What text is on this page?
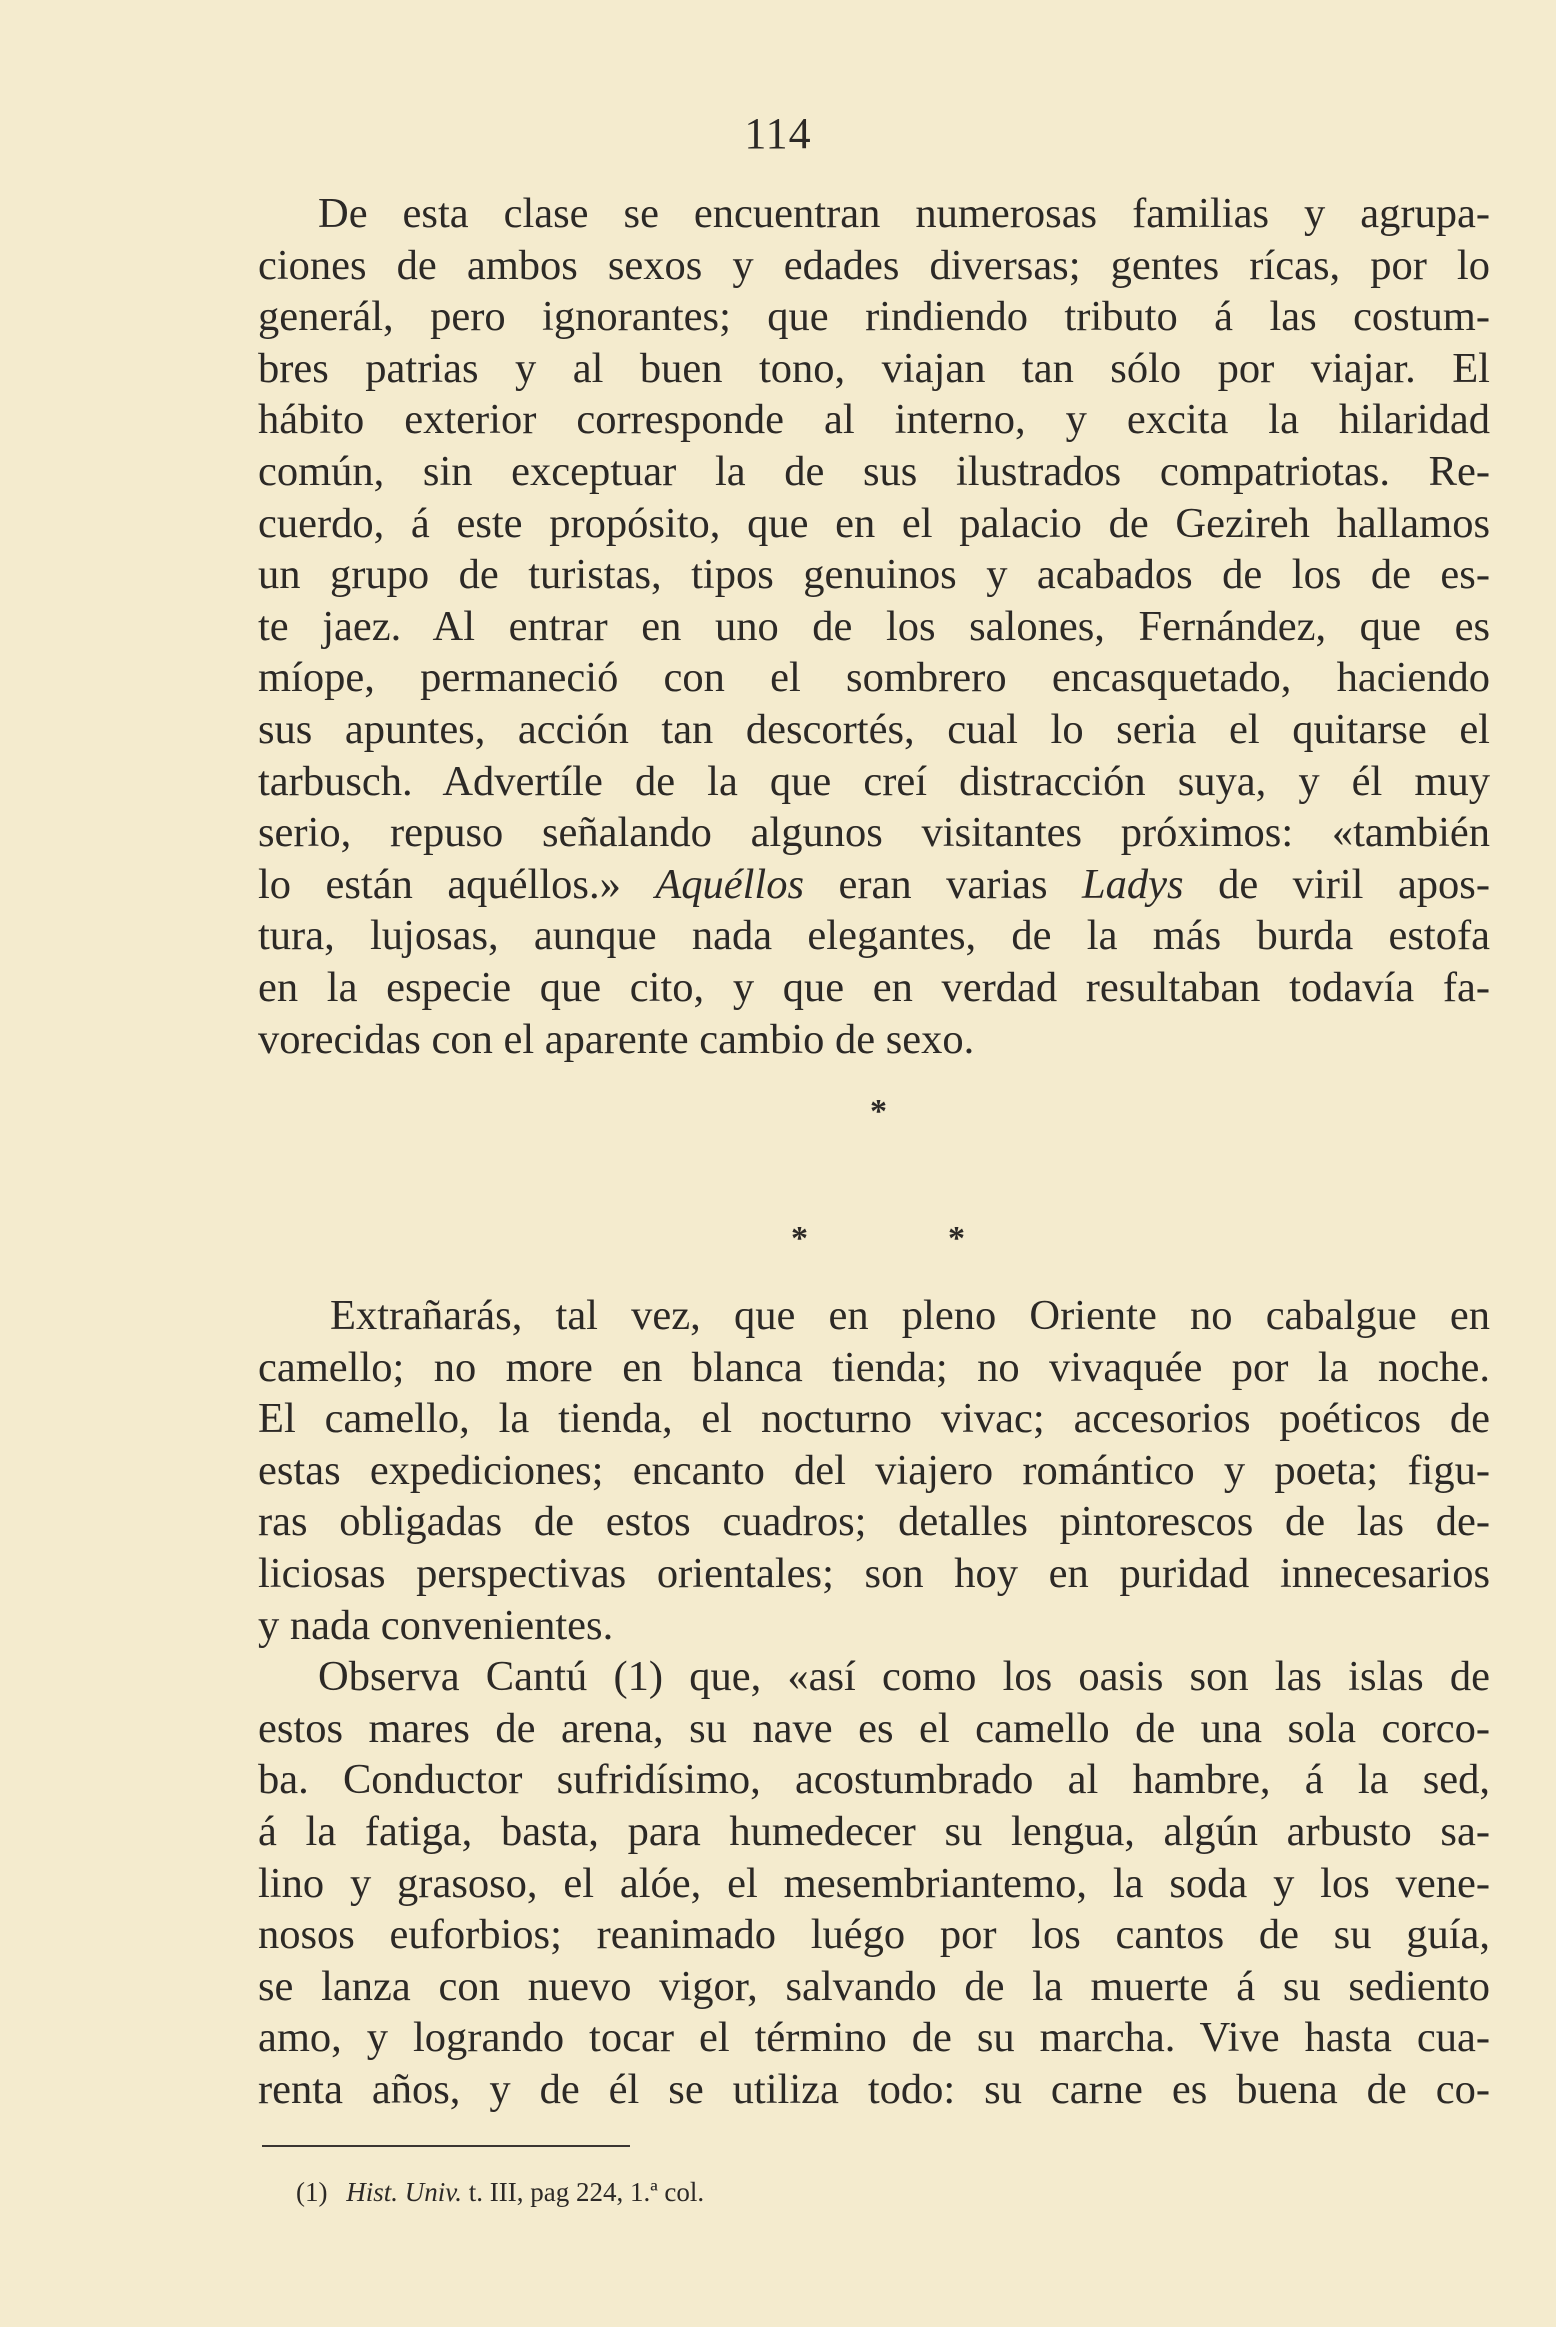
114
De esta clase se encuentran numerosas familias y agrupa-
ciones de ambos sexos y edades diversas; gentes rícas, por lo
generál, pero ignorantes; que rindiendo tributo á las costum-
bres patrias y al buen tono, viajan tan sólo por viajar. El
hábito exterior corresponde al interno, y excita la hilaridad
común, sin exceptuar la de sus ilustrados compatriotas. Re-
cuerdo, á este propósito, que en el palacio de Gezireh hallamos
un grupo de turistas, tipos genuinos y acabados de los de es-
te jaez. Al entrar en uno de los salones, Fernández, que es
míope, permaneció con el sombrero encasquetado, haciendo
sus apuntes, acción tan descortés, cual lo seria el quitarse el
tarbusch. Advertíle de la que creí distracción suya, y él muy
serio, repuso señalando algunos visitantes próximos: «también
lo están aquéllos.» Aquéllos eran varias Ladys de viril apos-
tura, lujosas, aunque nada elegantes, de la más burda estofa
en la especie que cito, y que en verdad resultaban todavía fa-
vorecidas con el aparente cambio de sexo.
*
*	*
Extrañarás, tal vez, que en pleno Oriente no cabalgue en
camello; no more en blanca tienda; no vivaquée por la noche.
El camello, la tienda, el nocturno vivac; accesorios poéticos de
estas expediciones; encanto del viajero romántico y poeta; figu-
ras obligadas de estos cuadros; detalles pintorescos de las de-
liciosas perspectivas orientales; son hoy en puridad innecesarios
y nada convenientes.
Observa Cantú (1) que, «así como los oasis son las islas de
estos mares de arena, su nave es el camello de una sola corco-
ba. Conductor sufridísimo, acostumbrado al hambre, á la sed,
á la fatiga, basta, para humedecer su lengua, algún arbusto sa-
lino y grasoso, el alóe, el mesembriantemo, la soda y los vene-
nosos euforbios; reanimado luégo por los cantos de su guía,
se lanza con nuevo vigor, salvando de la muerte á su sediento
amo, y logrando tocar el término de su marcha. Vive hasta cua-
renta años, y de él se utiliza todo: su carne es buena de co-
(1) Hist. Univ. t. III, pag 224, 1.ª col.
